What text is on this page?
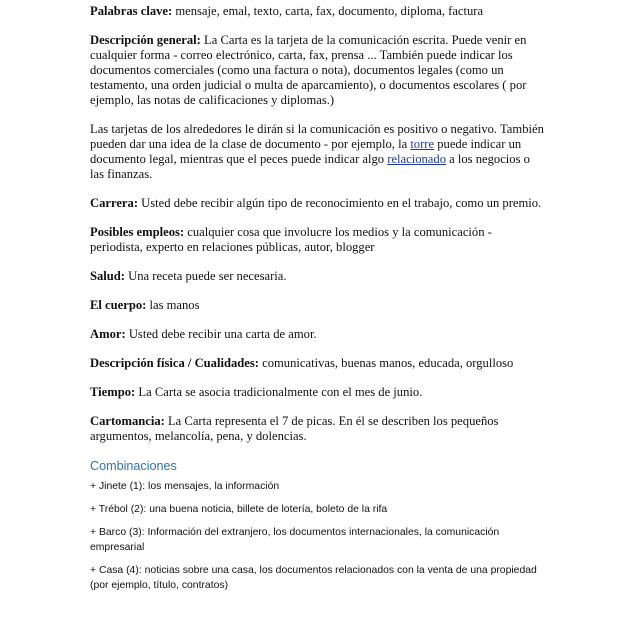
Palabras clave: mensaje, emal, texto, carta, fax, documento, diploma, factura

Descripción general: La Carta es la tarjeta de la comunicación escrita. Puede venir en cualquier forma - correo electrónico, carta, fax, prensa ... También puede indicar los documentos comerciales (como una factura o nota), documentos legales (como un testamento, una orden judicial o multa de aparcamiento), o documentos escolares ( por ejemplo, las notas de calificaciones y diplomas.)

Las tarjetas de los alrededores le dirán si la comunicación es positivo o negativo. También pueden dar una idea de la clase de documento - por ejemplo, la torre puede indicar un documento legal, mientras que el peces puede indicar algo relacionado a los negocios o las finanzas.

Carrera: Usted debe recibir algún tipo de reconocimiento en el trabajo, como un premio.

Posibles empleos: cualquier cosa que involucre los medios y la comunicación - periodista, experto en relaciones públicas, autor, blogger

Salud: Una receta puede ser necesaria.

El cuerpo: las manos

Amor: Usted debe recibir una carta de amor.

Descripción física / Cualidades: comunicativas, buenas manos, educada, orgulloso

Tiempo: La Carta se asocia tradicionalmente con el mes de junio.

Cartomancia: La Carta representa el 7 de picas. En él se describen los pequeños argumentos, melancolía, pena, y dolencias.

Combinaciones

+ Jinete (1): los mensajes, la información

+ Trébol (2): una buena noticia, billete de lotería, boleto de la rifa

+ Barco (3): Información del extranjero, los documentos internacionales, la comunicación empresarial

+ Casa (4): noticias sobre una casa, los documentos relacionados con la venta de una propiedad (por ejemplo, título, contratos)
